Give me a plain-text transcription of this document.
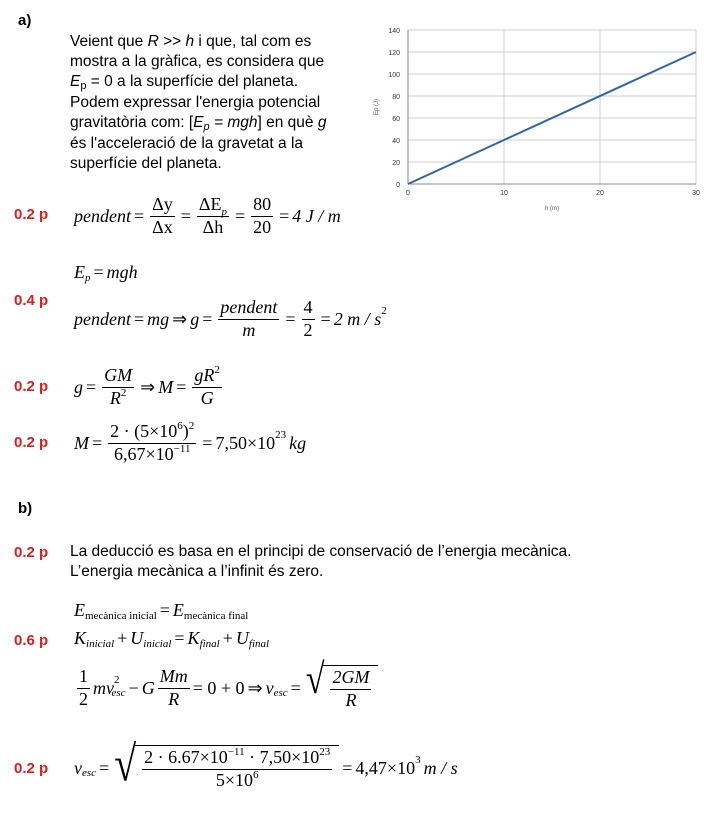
a)
Veient que R >> h i que, tal com es
mostra a la gràfica, es considera que
Ep = 0 a la superfície del planeta.
Podem expressar l'energia potencial
gravitatòria com: [Ep = mgh] en què g
és l'acceleració de la gravetat a la
superfície del planeta.
0
20
40
60
80
100
120
140
0	10	20	30
h (m)
Ep (J)
0.2 p pendent = $\frac{\Delta y}{\Delta x} = \frac{\Delta E_p}{\Delta h} = \frac{80}{20} = 4$ J / m
E p = mgh
0.4 p
pendent = mg ⇒ $g = \frac{\text{pendent}}{m} = \frac{4}{2} = 2$ m / s 2
0.2 p $g = \frac{GM}{R^2}$ ⇒ $M = \frac{gR^2}{G}$
0.2 p $M = \frac{2 \cdot (5\times 10^6)^2}{6,67\times 10^{-11}} = 7,50\times 10$ 23 kg
b)
0.2 p La deducció es basa en el principi de conservació de l’energia mecànica.
L’energia mecànica a l’infinit és zero.
E mecànica inicial = E mecànica final
0.6 p K inicial + U inicial = K final + U final
$\frac{1}{2}$ mv 2
esc − G $\frac{Mm}{R} = 0 + 0$ ⇒ v esc = √ $\frac{2GM}{R}$
0.2 p v esc = √ $\frac{2 \cdot 6.67\times 10^{-11} \cdot 7,50\times 10^{23}}{5\times 10^6} = 4,47\times 10$ 3 m / s
